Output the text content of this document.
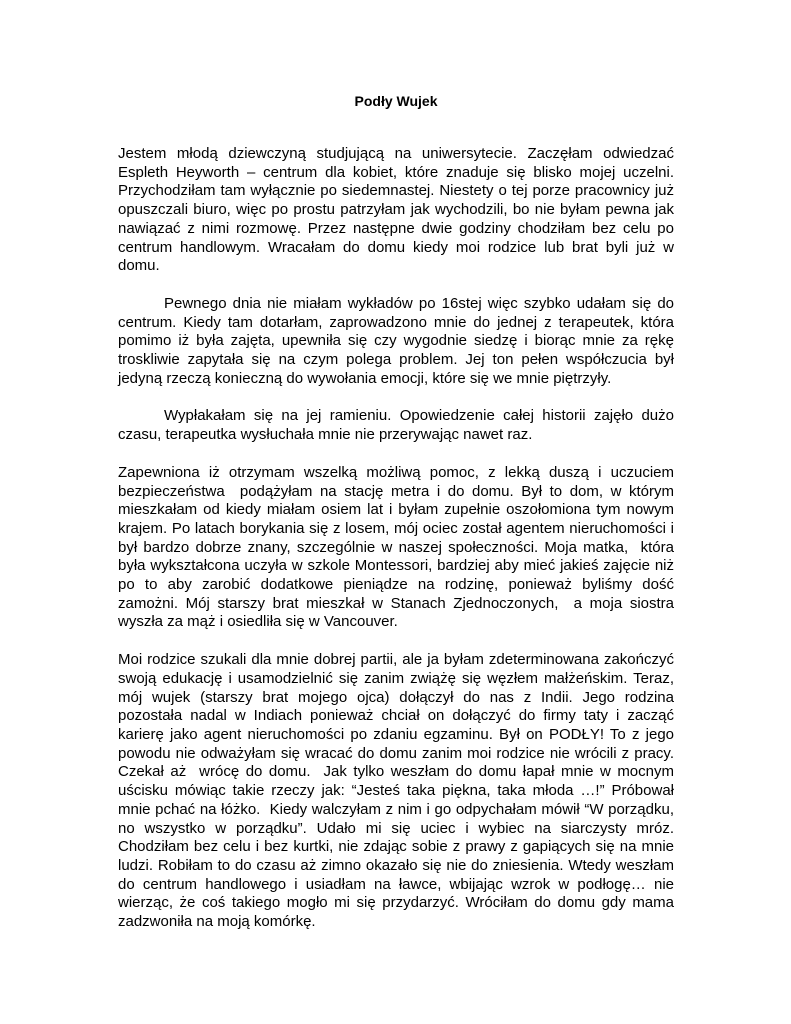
Podły Wujek

Jestem młodą dziewczyną studjującą na uniwersytecie. Zaczęłam odwiedzać Espleth Heyworth – centrum dla kobiet, które znaduje się blisko mojej uczelni. Przychodziłam tam wyłącznie po siedemnastej. Niestety o tej porze pracownicy już opuszczali biuro, więc po prostu patrzyłam jak wychodzili, bo nie byłam pewna jak nawiązać z nimi rozmowę. Przez następne dwie godziny chodziłam bez celu po centrum handlowym. Wracałam do domu kiedy moi rodzice lub brat byli już w domu.

Pewnego dnia nie miałam wykładów po 16stej więc szybko udałam się do centrum. Kiedy tam dotarłam, zaprowadzono mnie do jednej z terapeutek, która pomimo iż była zajęta, upewniła się czy wygodnie siedzę i biorąc mnie za rękę troskliwie zapytała się na czym polega problem. Jej ton pełen współczucia był jedyną rzeczą konieczną do wywołania emocji, które się we mnie piętrzyły.

Wypłakałam się na jej ramieniu. Opowiedzenie całej historii zajęło dużo czasu, terapeutka wysłuchała mnie nie przerywając nawet raz.

Zapewniona iż otrzymam wszelką możliwą pomoc, z lekką duszą i uczuciem bezpieczeństwa  podążyłam na stację metra i do domu. Był to dom, w którym mieszkałam od kiedy miałam osiem lat i byłam zupełnie oszołomiona tym nowym krajem. Po latach borykania się z losem, mój ociec został agentem nieruchomości i był bardzo dobrze znany, szczególnie w naszej społeczności. Moja matka,  która była wykształcona uczyła w szkole Montessori, bardziej aby mieć jakieś zajęcie niż po to aby zarobić dodatkowe pieniądze na rodzinę, ponieważ byliśmy dość zamożni. Mój starszy brat mieszkał w Stanach Zjednoczonych,  a moja siostra wyszła za mąż i osiedliła się w Vancouver.

Moi rodzice szukali dla mnie dobrej partii, ale ja byłam zdeterminowana zakończyć swoją edukację i usamodzielnić się zanim zwiążę się węzłem małżeńskim. Teraz, mój wujek (starszy brat mojego ojca) dołączył do nas z Indii. Jego rodzina pozostała nadal w Indiach ponieważ chciał on dołączyć do firmy taty i zacząć karierę jako agent nieruchomości po zdaniu egzaminu. Był on PODŁY! To z jego powodu nie odważyłam się wracać do domu zanim moi rodzice nie wrócili z pracy. Czekał aż  wrócę do domu.  Jak tylko weszłam do domu łapał mnie w mocnym uścisku mówiąc takie rzeczy jak: “Jesteś taka piękna, taka młoda …!” Próbował mnie pchać na łóżko.  Kiedy walczyłam z nim i go odpychałam mówił “W porządku, no wszystko w porządku”. Udało mi się uciec i wybiec na siarczysty mróz. Chodziłam bez celu i bez kurtki, nie zdając sobie z prawy z gapiących się na mnie ludzi. Robiłam to do czasu aż zimno okazało się nie do zniesienia. Wtedy weszłam do centrum handlowego i usiadłam na ławce, wbijając wzrok w podłogę… nie wierząc, że coś takiego mogło mi się przydarzyć. Wróciłam do domu gdy mama zadzwoniła na moją komórkę.
